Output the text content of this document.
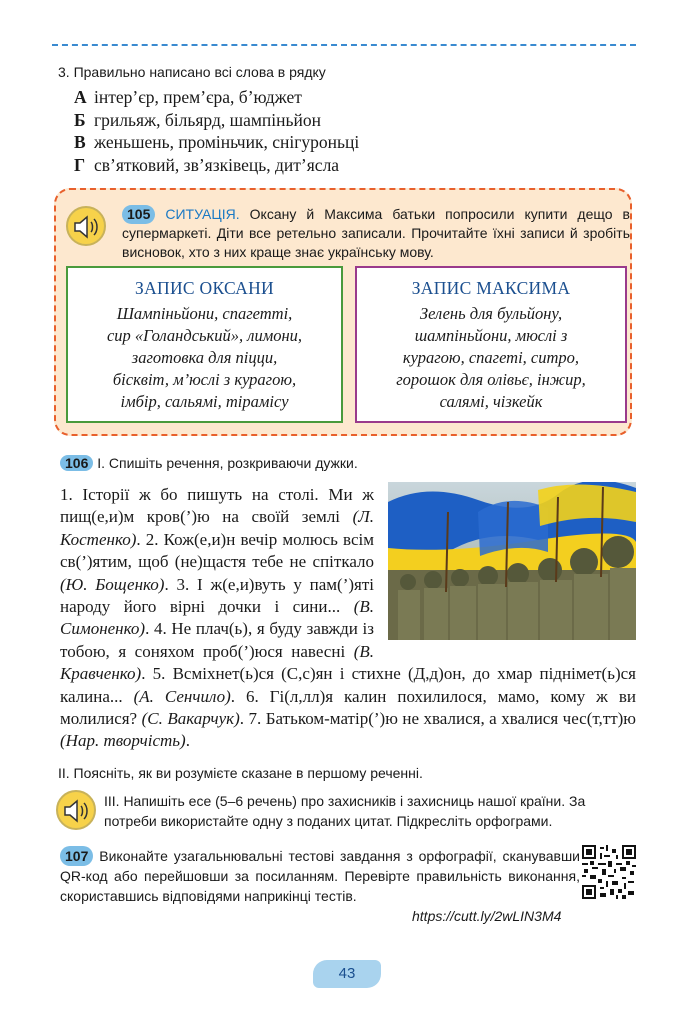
3. Правильно написано всі слова в рядку
А інтер’єр, прем’єра, б’юджет
Б грильяж, більярд, шампіньйон
В женьшень, проміньчик, снігуроньці
Г св’ятковий, зв’язківець, дит’ясла
105 СИТУАЦІЯ. Оксану й Максима батьки попросили купити дещо в супермаркеті. Діти все ретельно записали. Прочитайте їхні записи й зробіть висновок, хто з них краще знає українську мову.
ЗАПИС ОКСАНИ
Шампіньйони, спагетті,
сир «Голандський», лимони,
заготовка для піцци,
бісквіт, м’юслі з курагою,
імбір, сальямі, тірамісу
ЗАПИС МАКСИМА
Зелень для бульйону,
шампіньйони, мюслі з
курагою, спагеті, ситро,
горошок для олівьє, інжир,
салямі, чізкейк
106 І. Спишіть речення, розкриваючи дужки.
1. Історії ж бо пишуть на столі. Ми ж пищ(е,и)м кров(’)ю на своїй землі (Л. Костенко). 2. Кож(е,и)н вечір молюсь всім св(’)ятим, щоб (не)щастя тебе не спіткало (Ю. Бощенко). 3. І ж(е,и)вуть у пам(’)яті народу його вірні дочки і сини... (В. Симоненко). 4. Не плач(ь), я буду завжди із тобою, я соняхом проб(’)юся навесні (В. Кравченко). 5. Всміхнет(ь)ся (С,с)ян і стихне (Д,д)он, до хмар піднімет(ь)ся калина... (А. Сенчило). 6. Гі(л,лл)я калин похилилося, мамо, кому ж ви молилися? (С. Вакарчук). 7. Батьком-матір(’)ю не хвалися, а хвалися чес(т,тт)ю (Нар. творчість).
ІІ. Поясніть, як ви розумієте сказане в першому реченні.
ІІІ. Напишіть есе (5–6 речень) про захисників і захисниць нашої країни. За потреби використайте одну з поданих цитат. Підкресліть орфограми.
107 Виконайте узагальнювальні тестові завдання з орфографії, сканувавши QR-код або перейшовши за посиланням. Перевірте правильність виконання, скориставшись відповідями наприкінці тестів.
https://cutt.ly/2wLIN3M4
43
